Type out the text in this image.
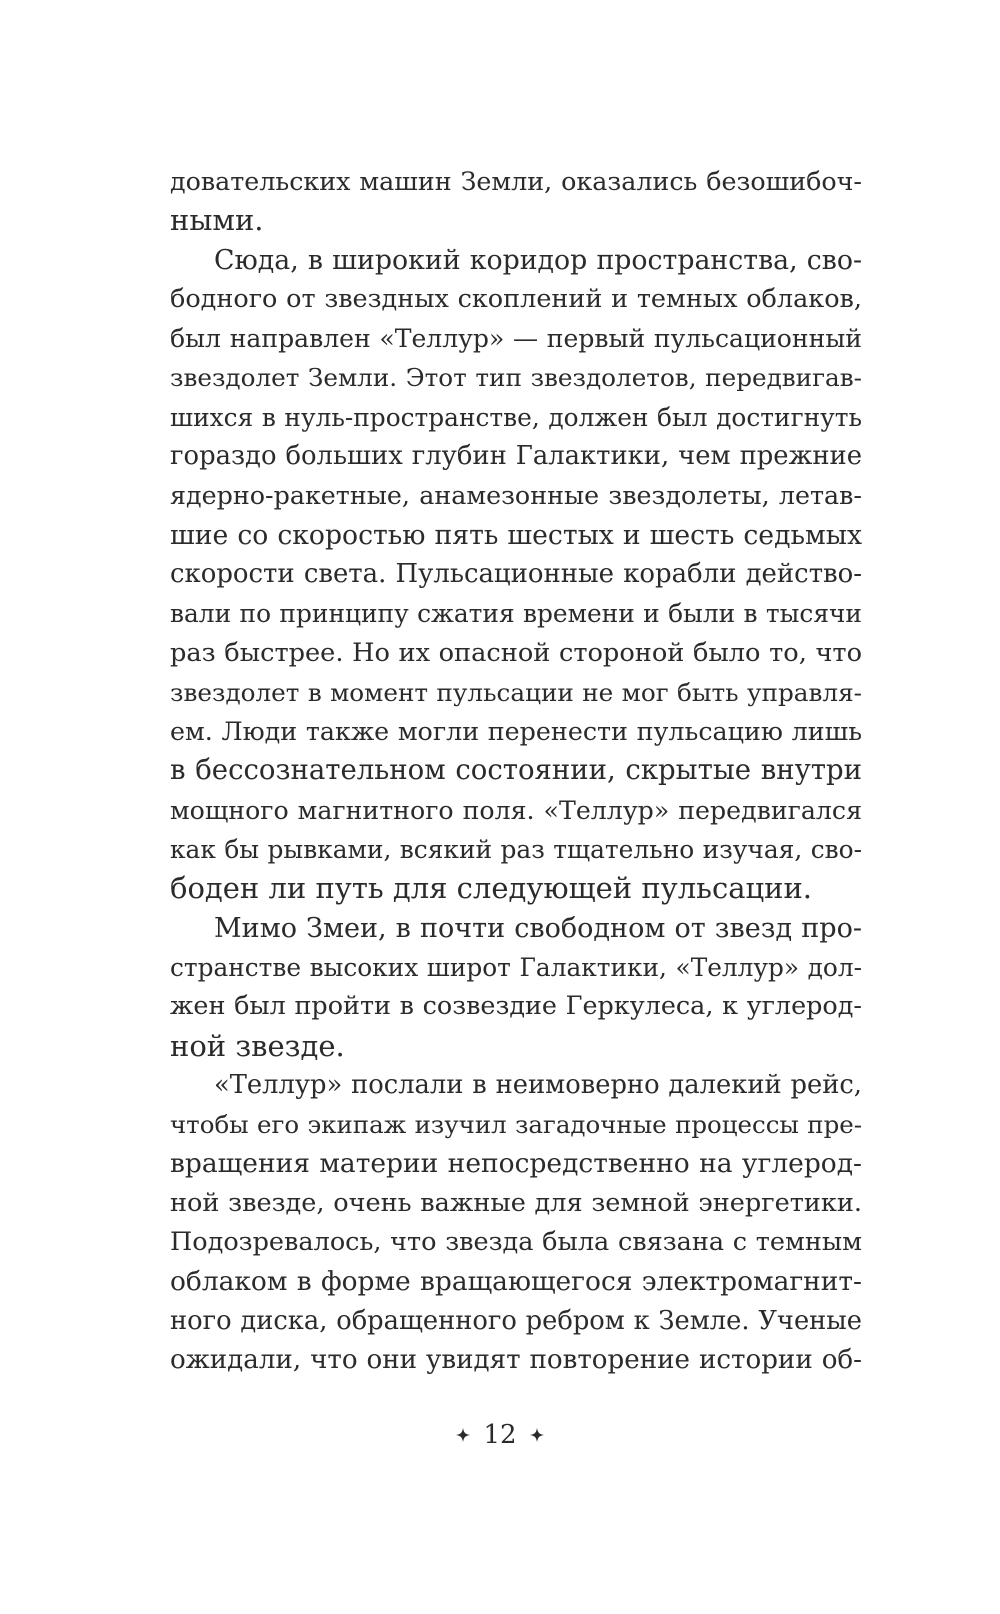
довательских машин Земли, оказались безошибоч-
ными.
Сюда, в широкий коридор пространства, сво-
бодного от звездных скоплений и темных облаков,
был направлен «Теллур» — первый пульсационный
звездолет Земли. Этот тип звездолетов, передвигав-
шихся в нуль-пространстве, должен был достигнуть
гораздо больших глубин Галактики, чем прежние
ядерно-ракетные, анамезонные звездолеты, летав-
шие со скоростью пять шестых и шесть седьмых
скорости света. Пульсационные корабли действо-
вали по принципу сжатия времени и были в тысячи
раз быстрее. Но их опасной стороной было то, что
звездолет в момент пульсации не мог быть управля-
ем. Люди также могли перенести пульсацию лишь
в бессознательном состоянии, скрытые внутри
мощного магнитного поля. «Теллур» передвигался
как бы рывками, всякий раз тщательно изучая, сво-
боден ли путь для следующей пульсации.
Мимо Змеи, в почти свободном от звезд про-
странстве высоких широт Галактики, «Теллур» дол-
жен был пройти в созвездие Геркулеса, к углерод-
ной звезде.
«Теллур» послали в неимоверно далекий рейс,
чтобы его экипаж изучил загадочные процессы пре-
вращения материи непосредственно на углерод-
ной звезде, очень важные для земной энергетики.
Подозревалось, что звезда была связана с темным
облаком в форме вращающегося электромагнит-
ного диска, обращенного ребром к Земле. Ученые
ожидали, что они увидят повторение истории об-
12
